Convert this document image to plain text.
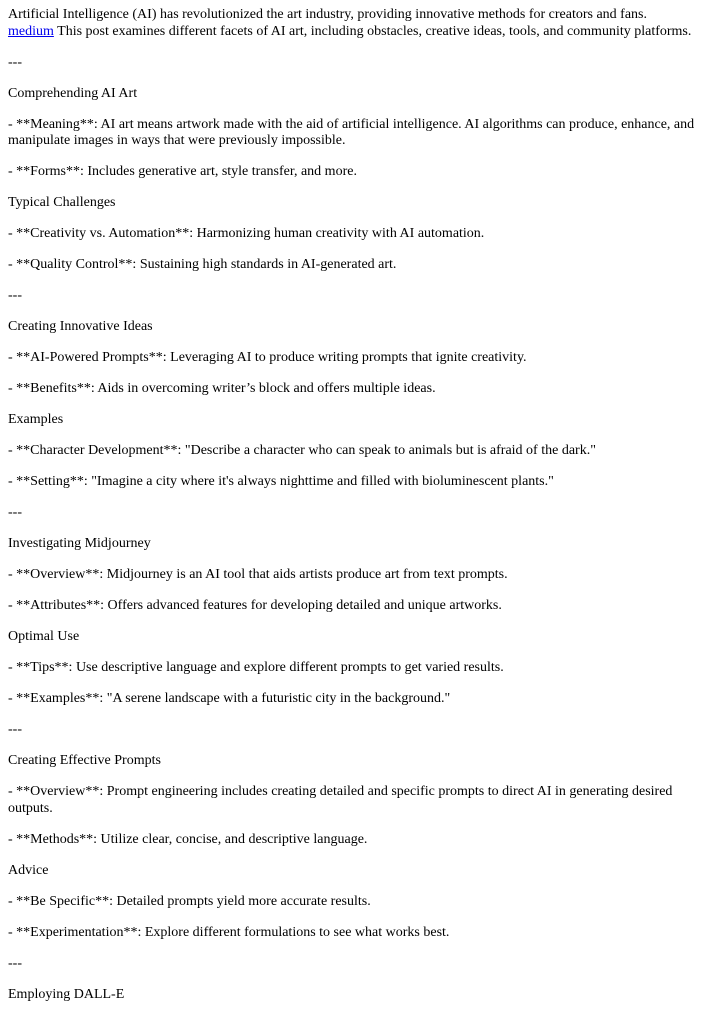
Artificial Intelligence (AI) has revolutionized the art industry, providing innovative methods for creators and fans.
medium This post examines different facets of AI art, including obstacles, creative ideas, tools, and community platforms.

---

Comprehending AI Art

- **Meaning**: AI art means artwork made with the aid of artificial intelligence. AI algorithms can produce, enhance, and manipulate images in ways that were previously impossible.

- **Forms**: Includes generative art, style transfer, and more.

Typical Challenges

- **Creativity vs. Automation**: Harmonizing human creativity with AI automation.

- **Quality Control**: Sustaining high standards in AI-generated art.

---

Creating Innovative Ideas

- **AI-Powered Prompts**: Leveraging AI to produce writing prompts that ignite creativity.

- **Benefits**: Aids in overcoming writer’s block and offers multiple ideas.

Examples

- **Character Development**: "Describe a character who can speak to animals but is afraid of the dark."

- **Setting**: "Imagine a city where it's always nighttime and filled with bioluminescent plants."

---

Investigating Midjourney

- **Overview**: Midjourney is an AI tool that aids artists produce art from text prompts.

- **Attributes**: Offers advanced features for developing detailed and unique artworks.

Optimal Use

- **Tips**: Use descriptive language and explore different prompts to get varied results.

- **Examples**: "A serene landscape with a futuristic city in the background."

---

Creating Effective Prompts

- **Overview**: Prompt engineering includes creating detailed and specific prompts to direct AI in generating desired outputs.

- **Methods**: Utilize clear, concise, and descriptive language.

Advice

- **Be Specific**: Detailed prompts yield more accurate results.

- **Experimentation**: Explore different formulations to see what works best.

---

Employing DALL-E
